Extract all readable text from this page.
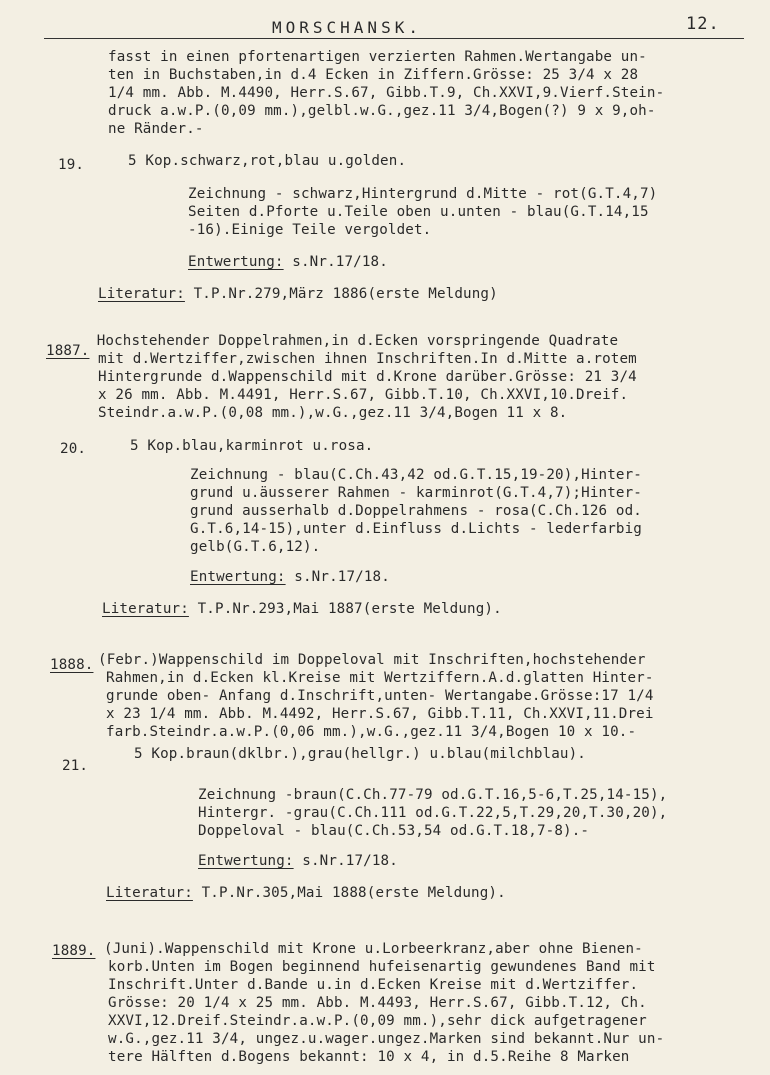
MORSCHANSK.	12.
fasst in einen pfortenartigen verzierten Rahmen.Wertangabe un-
ten in Buchstaben,in d.4 Ecken in Ziffern.Grösse: 25 3/4 x 28
1/4 mm. Abb. M.4490, Herr.S.67, Gibb.T.9, Ch.XXVI,9.Vierf.Stein-
druck a.w.P.(0,09 mm.),gelbl.w.G.,gez.11 3/4,Bogen(?) 9 x 9,oh-
ne Ränder.-
19.	5 Kop.schwarz,rot,blau u.golden.
Zeichnung - schwarz,Hintergrund d.Mitte - rot(G.T.4,7)
Seiten d.Pforte u.Teile oben u.unten - blau(G.T.14,15
-16).Einige Teile vergoldet.
Entwertung: s.Nr.17/18.
Literatur: T.P.Nr.279,März 1886(erste Meldung)
1887.
Hochstehender Doppelrahmen,in d.Ecken vorspringende Quadrate
mit d.Wertziffer,zwischen ihnen Inschriften.In d.Mitte a.rotem
Hintergrunde d.Wappenschild mit d.Krone darüber.Grösse: 21 3/4
x 26 mm. Abb. M.4491, Herr.S.67, Gibb.T.10, Ch.XXVI,10.Dreif.
Steindr.a.w.P.(0,08 mm.),w.G.,gez.11 3/4,Bogen 11 x 8.
20.	5 Kop.blau,karminrot u.rosa.
Zeichnung - blau(C.Ch.43,42 od.G.T.15,19-20),Hinter-
grund u.äusserer Rahmen - karminrot(G.T.4,7);Hinter-
grund ausserhalb d.Doppelrahmens - rosa(C.Ch.126 od.
G.T.6,14-15),unter d.Einfluss d.Lichts - lederfarbig
gelb(G.T.6,12).
Entwertung: s.Nr.17/18.
Literatur: T.P.Nr.293,Mai 1887(erste Meldung).
1888. (Febr.)Wappenschild im Doppeloval mit Inschriften,hochstehender
Rahmen,in d.Ecken kl.Kreise mit Wertziffern.A.d.glatten Hinter-
grunde oben- Anfang d.Inschrift,unten- Wertangabe.Grösse:17 1/4
x 23 1/4 mm. Abb. M.4492, Herr.S.67, Gibb.T.11, Ch.XXVI,11.Drei
farb.Steindr.a.w.P.(0,06 mm.),w.G.,gez.11 3/4,Bogen 10 x 10.-
21.
5 Kop.braun(dklbr.),grau(hellgr.) u.blau(milchblau).
Zeichnung -braun(C.Ch.77-79 od.G.T.16,5-6,T.25,14-15),
Hintergr. -grau(C.Ch.111 od.G.T.22,5,T.29,20,T.30,20),
Doppeloval - blau(C.Ch.53,54 od.G.T.18,7-8).-
Entwertung: s.Nr.17/18.
Literatur: T.P.Nr.305,Mai 1888(erste Meldung).
1889. (Juni).Wappenschild mit Krone u.Lorbeerkranz,aber ohne Bienen-
korb.Unten im Bogen beginnend hufeisenartig gewundenes Band mit
Inschrift.Unter d.Bande u.in d.Ecken Kreise mit d.Wertziffer.
Grösse: 20 1/4 x 25 mm. Abb. M.4493, Herr.S.67, Gibb.T.12, Ch.
XXVI,12.Dreif.Steindr.a.w.P.(0,09 mm.),sehr dick aufgetragener
w.G.,gez.11 3/4, ungez.u.wager.ungez.Marken sind bekannt.Nur un-
tere Hälften d.Bogens bekannt: 10 x 4, in d.5.Reihe 8 Marken
